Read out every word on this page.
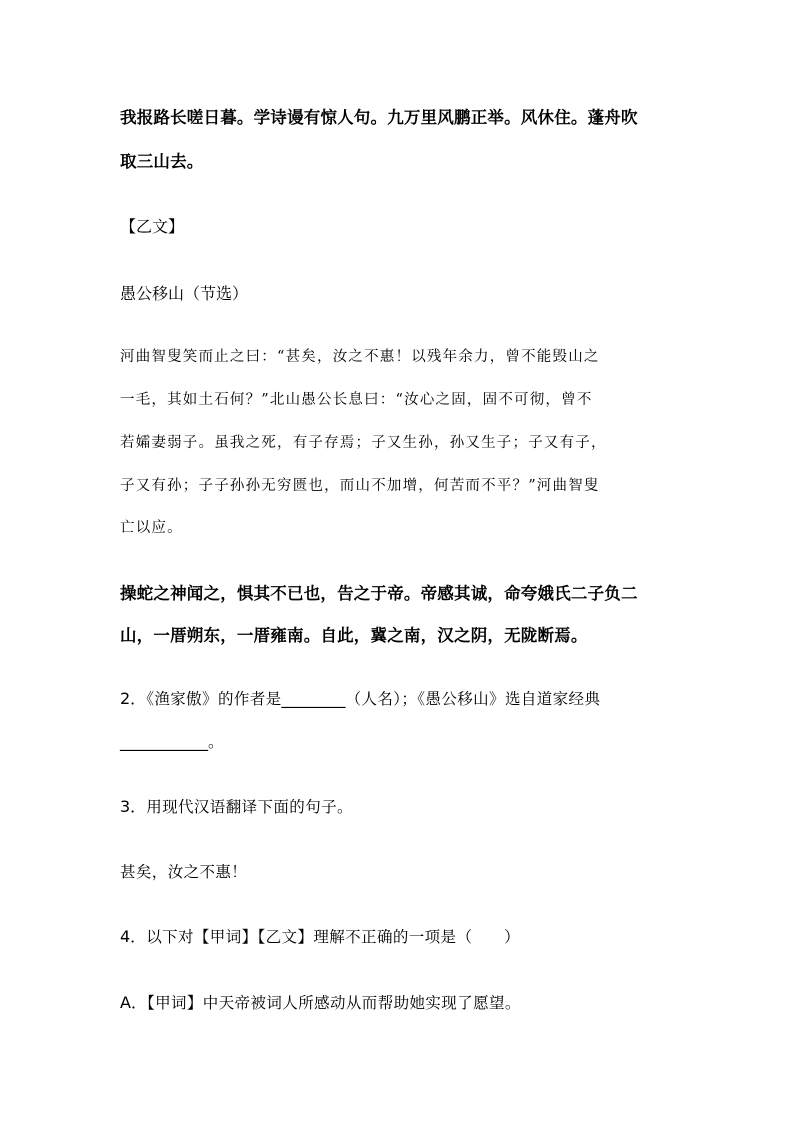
我报路长嗟日暮。学诗谩有惊人句。九万里风鹏正举。风休住。蓬舟吹
取三山去。
【乙文】
愚公移山（节选）
河曲智叟笑而止之曰：“甚矣，汝之不惠！以残年余力，曾不能毁山之
一毛，其如土石何？”北山愚公长息曰：“汝心之固，固不可彻，曾不
若孀妻弱子。虽我之死，有子存焉；子又生孙，孙又生子；子又有子，
子又有孙；子子孙孙无穷匮也，而山不加增，何苦而不平？”河曲智叟
亡以应。
操蛇之神闻之，惧其不已也，告之于帝。帝感其诚，命夸娥氏二子负二
山，一厝朔东，一厝雍南。自此，冀之南，汉之阴，无陇断焉。
2．《渔家傲》的作者是________（人名）；《愚公移山》选自道家经典
___________。
3．用现代汉语翻译下面的句子。
甚矣，汝之不惠！
4．以下对【甲词】【乙文】理解不正确的一项是（　　）
A．【甲词】中天帝被词人所感动从而帮助她实现了愿望。
